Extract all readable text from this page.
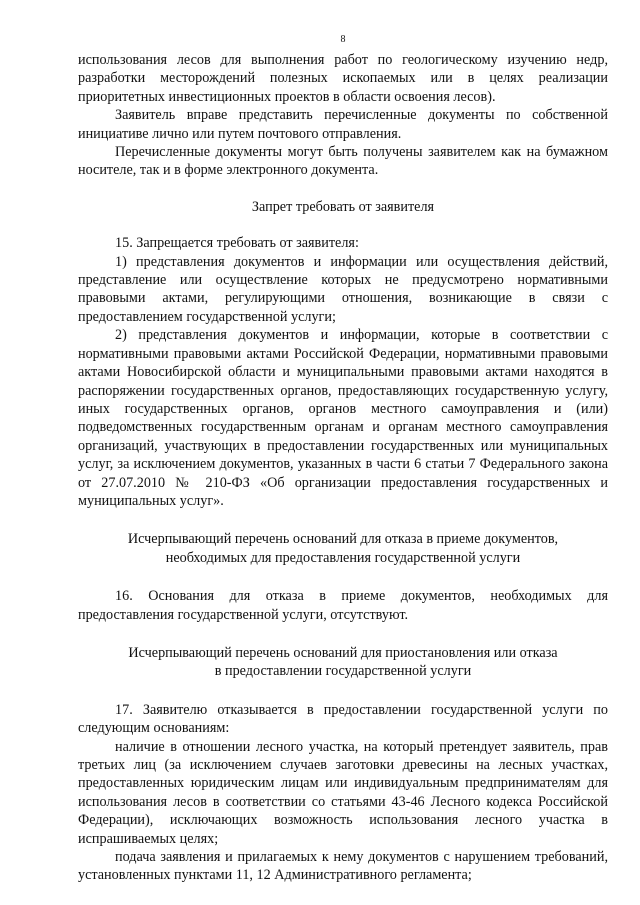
8

использования лесов для выполнения работ по геологическому изучению недр, разработки месторождений полезных ископаемых или в целях реализации приоритетных инвестиционных проектов в области освоения лесов).

Заявитель вправе представить перечисленные документы по собственной инициативе лично или путем почтового отправления.

Перечисленные документы могут быть получены заявителем как на бумажном носителе, так и в форме электронного документа.

Запрет требовать от заявителя

15. Запрещается требовать от заявителя:

1) представления документов и информации или осуществления действий, представление или осуществление которых не предусмотрено нормативными правовыми актами, регулирующими отношения, возникающие в связи с предоставлением государственной услуги;

2) представления документов и информации, которые в соответствии с нормативными правовыми актами Российской Федерации, нормативными правовыми актами Новосибирской области и муниципальными правовыми актами находятся в распоряжении государственных органов, предоставляющих государственную услугу, иных государственных органов, органов местного самоуправления и (или) подведомственных государственным органам и органам местного самоуправления организаций, участвующих в предоставлении государственных или муниципальных услуг, за исключением документов, указанных в части 6 статьи 7 Федерального закона от 27.07.2010 № 210-ФЗ «Об организации предоставления государственных и муниципальных услуг».

Исчерпывающий перечень оснований для отказа в приеме документов,
необходимых для предоставления государственной услуги

16. Основания для отказа в приеме документов, необходимых для предоставления государственной услуги, отсутствуют.

Исчерпывающий перечень оснований для приостановления или отказа
в предоставлении государственной услуги

17. Заявителю отказывается в предоставлении государственной услуги по следующим основаниям:

наличие в отношении лесного участка, на который претендует заявитель, прав третьих лиц (за исключением случаев заготовки древесины на лесных участках, предоставленных юридическим лицам или индивидуальным предпринимателям для использования лесов в соответствии со статьями 43-46 Лесного кодекса Российской Федерации), исключающих возможность использования лесного участка в испрашиваемых целях;

подача заявления и прилагаемых к нему документов с нарушением требований, установленных пунктами 11, 12 Административного регламента;
